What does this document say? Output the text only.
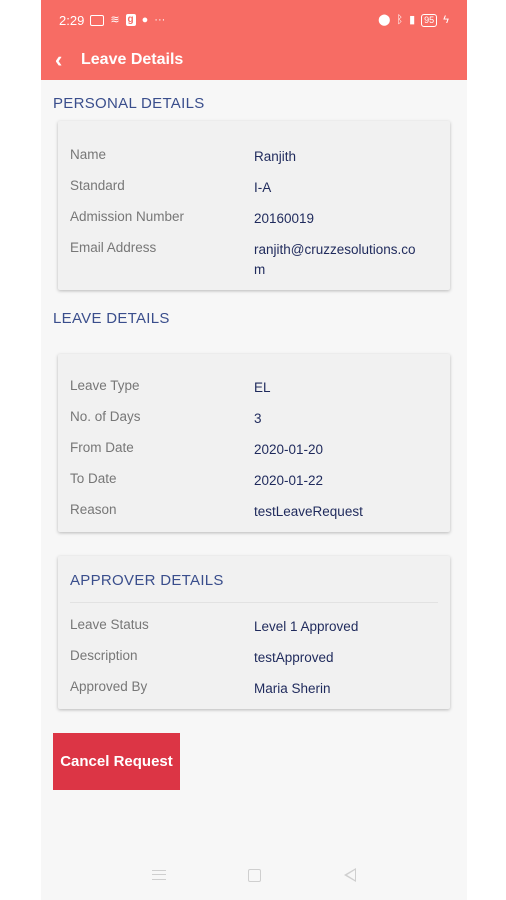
2:29 ≋ g ● ···	⬤ ᛒ ▮	95 ϟ
‹	Leave Details
PERSONAL DETAILS
Name	Ranjith
Standard	I-A
Admission Number	20160019
Email Address	ranjith@cruzzesolutions.com
LEAVE DETAILS
Leave Type	EL
No. of Days	3
From Date	2020-01-20
To Date	2020-01-22
Reason	testLeaveRequest
APPROVER DETAILS
Leave Status	Level 1 Approved
Description	testApproved
Approved By	Maria Sherin
Cancel Request
